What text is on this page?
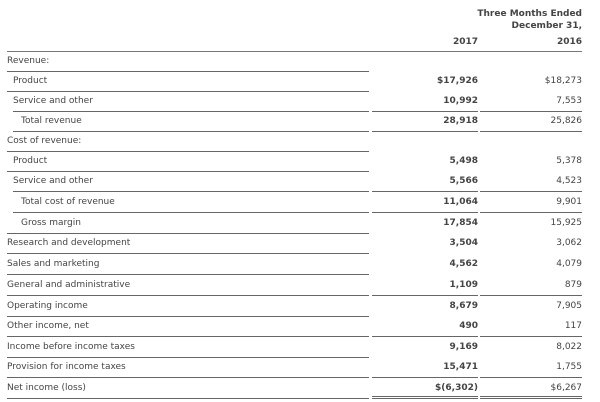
Three Months Ended
December 31,
2017	2016
Revenue:
Product	$17,926	$18,273
Service and other	10,992	7,553
Total revenue	28,918	25,826
Cost of revenue:
Product	5,498	5,378
Service and other	5,566	4,523
Total cost of revenue	11,064	9,901
Gross margin	17,854	15,925
Research and development	3,504	3,062
Sales and marketing	4,562	4,079
General and administrative	1,109	879
Operating income	8,679	7,905
Other income, net	490	117
Income before income taxes	9,169	8,022
Provision for income taxes	15,471	1,755
Net income (loss)	$(6,302)	$6,267
